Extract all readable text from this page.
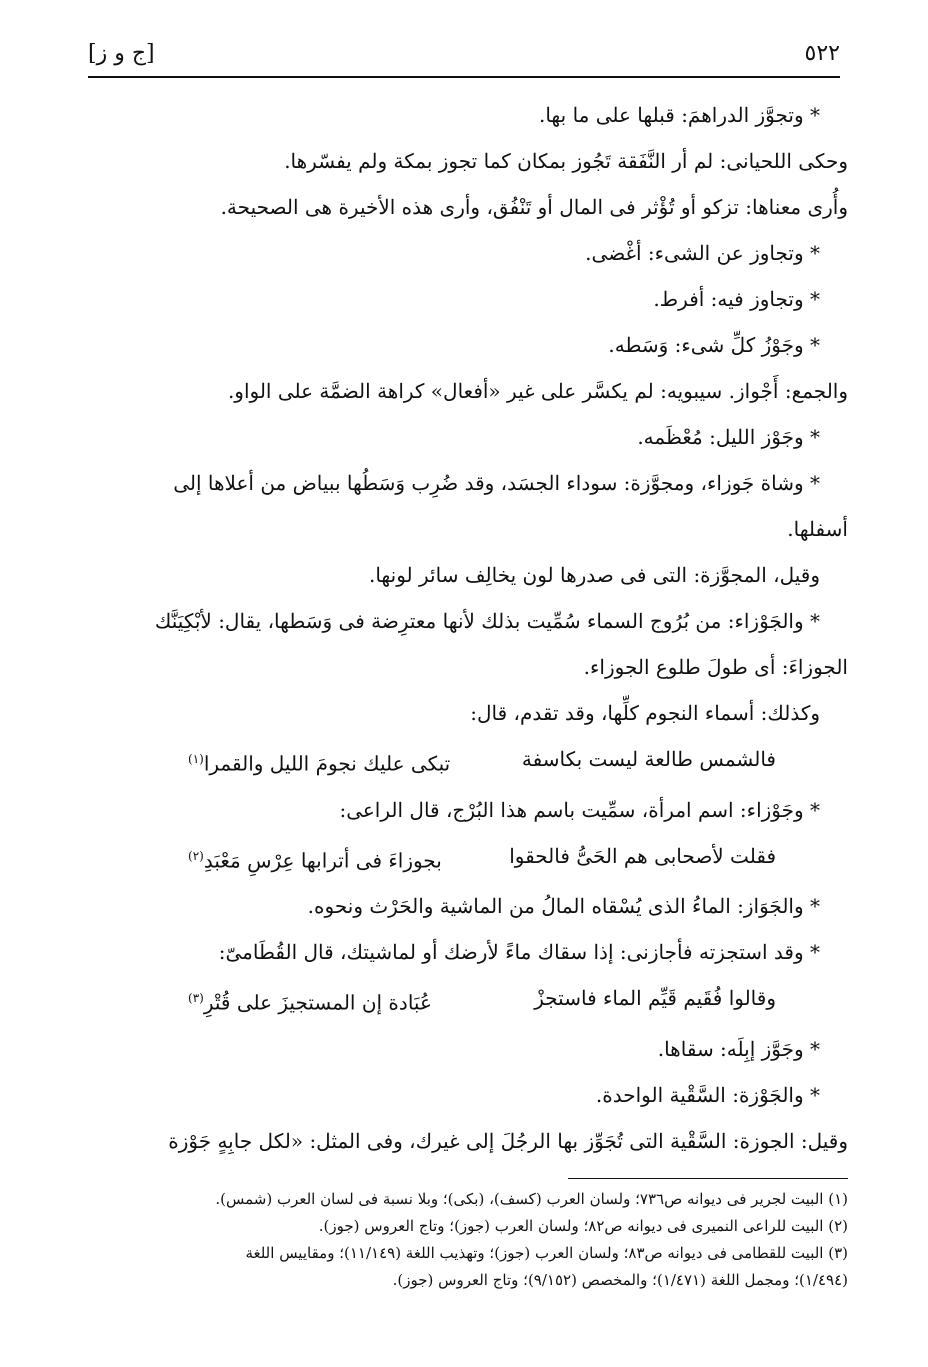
٥٢٢
[ج و ز]

* وتجوَّز الدراهمَ: قبلها على ما بها.

وحكى اللحيانى: لم أر النَّفَقة تَجُوز بمكان كما تجوز بمكة ولم يفسّرها.

وأُرى معناها: تزكو أو تُؤْثر فى المال أو تَنْفُق، وأرى هذه الأخيرة هى الصحيحة.

* وتجاوز عن الشىء: أغْضى.

* وتجاوز فيه: أفرط.

* وجَوْزُ كلِّ شىء: وَسَطه.

والجمع: أَجْواز. سيبويه: لم يكسَّر على غير «أفعال» كراهة الضمَّة على الواو.

* وجَوْز الليل: مُعْظَمه.

* وشاة جَوزاء، ومجوَّزة: سوداء الجسَد، وقد ضُرِب وَسَطُها ببياض من أعلاها إلى

أسفلها.

وقيل، المجوَّزة: التى فى صدرها لون يخالِف سائر لونها.

* والجَوْزاء: من بُرُوج السماء سُمِّيت بذلك لأنها معترِضة فى وَسَطها، يقال: لأبْكِيَنَّك

الجوزاءَ: أى طولَ طلوع الجوزاء.

وكذلك: أسماء النجوم كلِّها، وقد تقدم، قال:

فالشمس طالعة ليست بكاسفة
تبكى عليك نجومَ الليل والقمرا$^{(١)}$

* وجَوْزاء: اسم امرأة، سمِّيت باسم هذا البُرْج، قال الراعى:

فقلت لأصحابى هم الحَىُّ فالحقوا
بجوزاءَ فى أترابها عِرْسِ مَعْبَدِ$^{(٢)}$

* والجَوَاز: الماءُ الذى يُسْقاه المالُ من الماشية والحَرْث ونحوه.

* وقد استجزته فأجازنى: إذا سقاك ماءً لأرضك أو لماشيتك، قال القُطَامىّ:

وقالوا فُقَيم قَيِّم الماء فاستجزْ
عُبَادة إن المستجيزَ على قُتْرِ$^{(٣)}$

* وجَوَّز إبِلَه: سقاها.

* والجَوْزة: السَّقْية الواحدة.

وقيل: الجوزة: السَّقْية التى تُجَوِّز بها الرجُلَ إلى غيرك، وفى المثل: «لكل جابِهٍ جَوْزة

(١) البيت لجرير فى ديوانه ص٧٣٦؛ ولسان العرب (كسف)، (بكى)؛ وبلا نسبة فى لسان العرب (شمس).

(٢) البيت للراعى النميرى فى ديوانه ص٨٢؛ ولسان العرب (جوز)؛ وتاج العروس (جوز).

(٣) البيت للقطامى فى ديوانه ص٨٣؛ ولسان العرب (جوز)؛ وتهذيب اللغة (١١/١٤٩)؛ ومقاييس اللغة

(١/٤٩٤)؛ ومجمل اللغة (١/٤٧١)؛ والمخصص (٩/١٥٢)؛ وتاج العروس (جوز).
